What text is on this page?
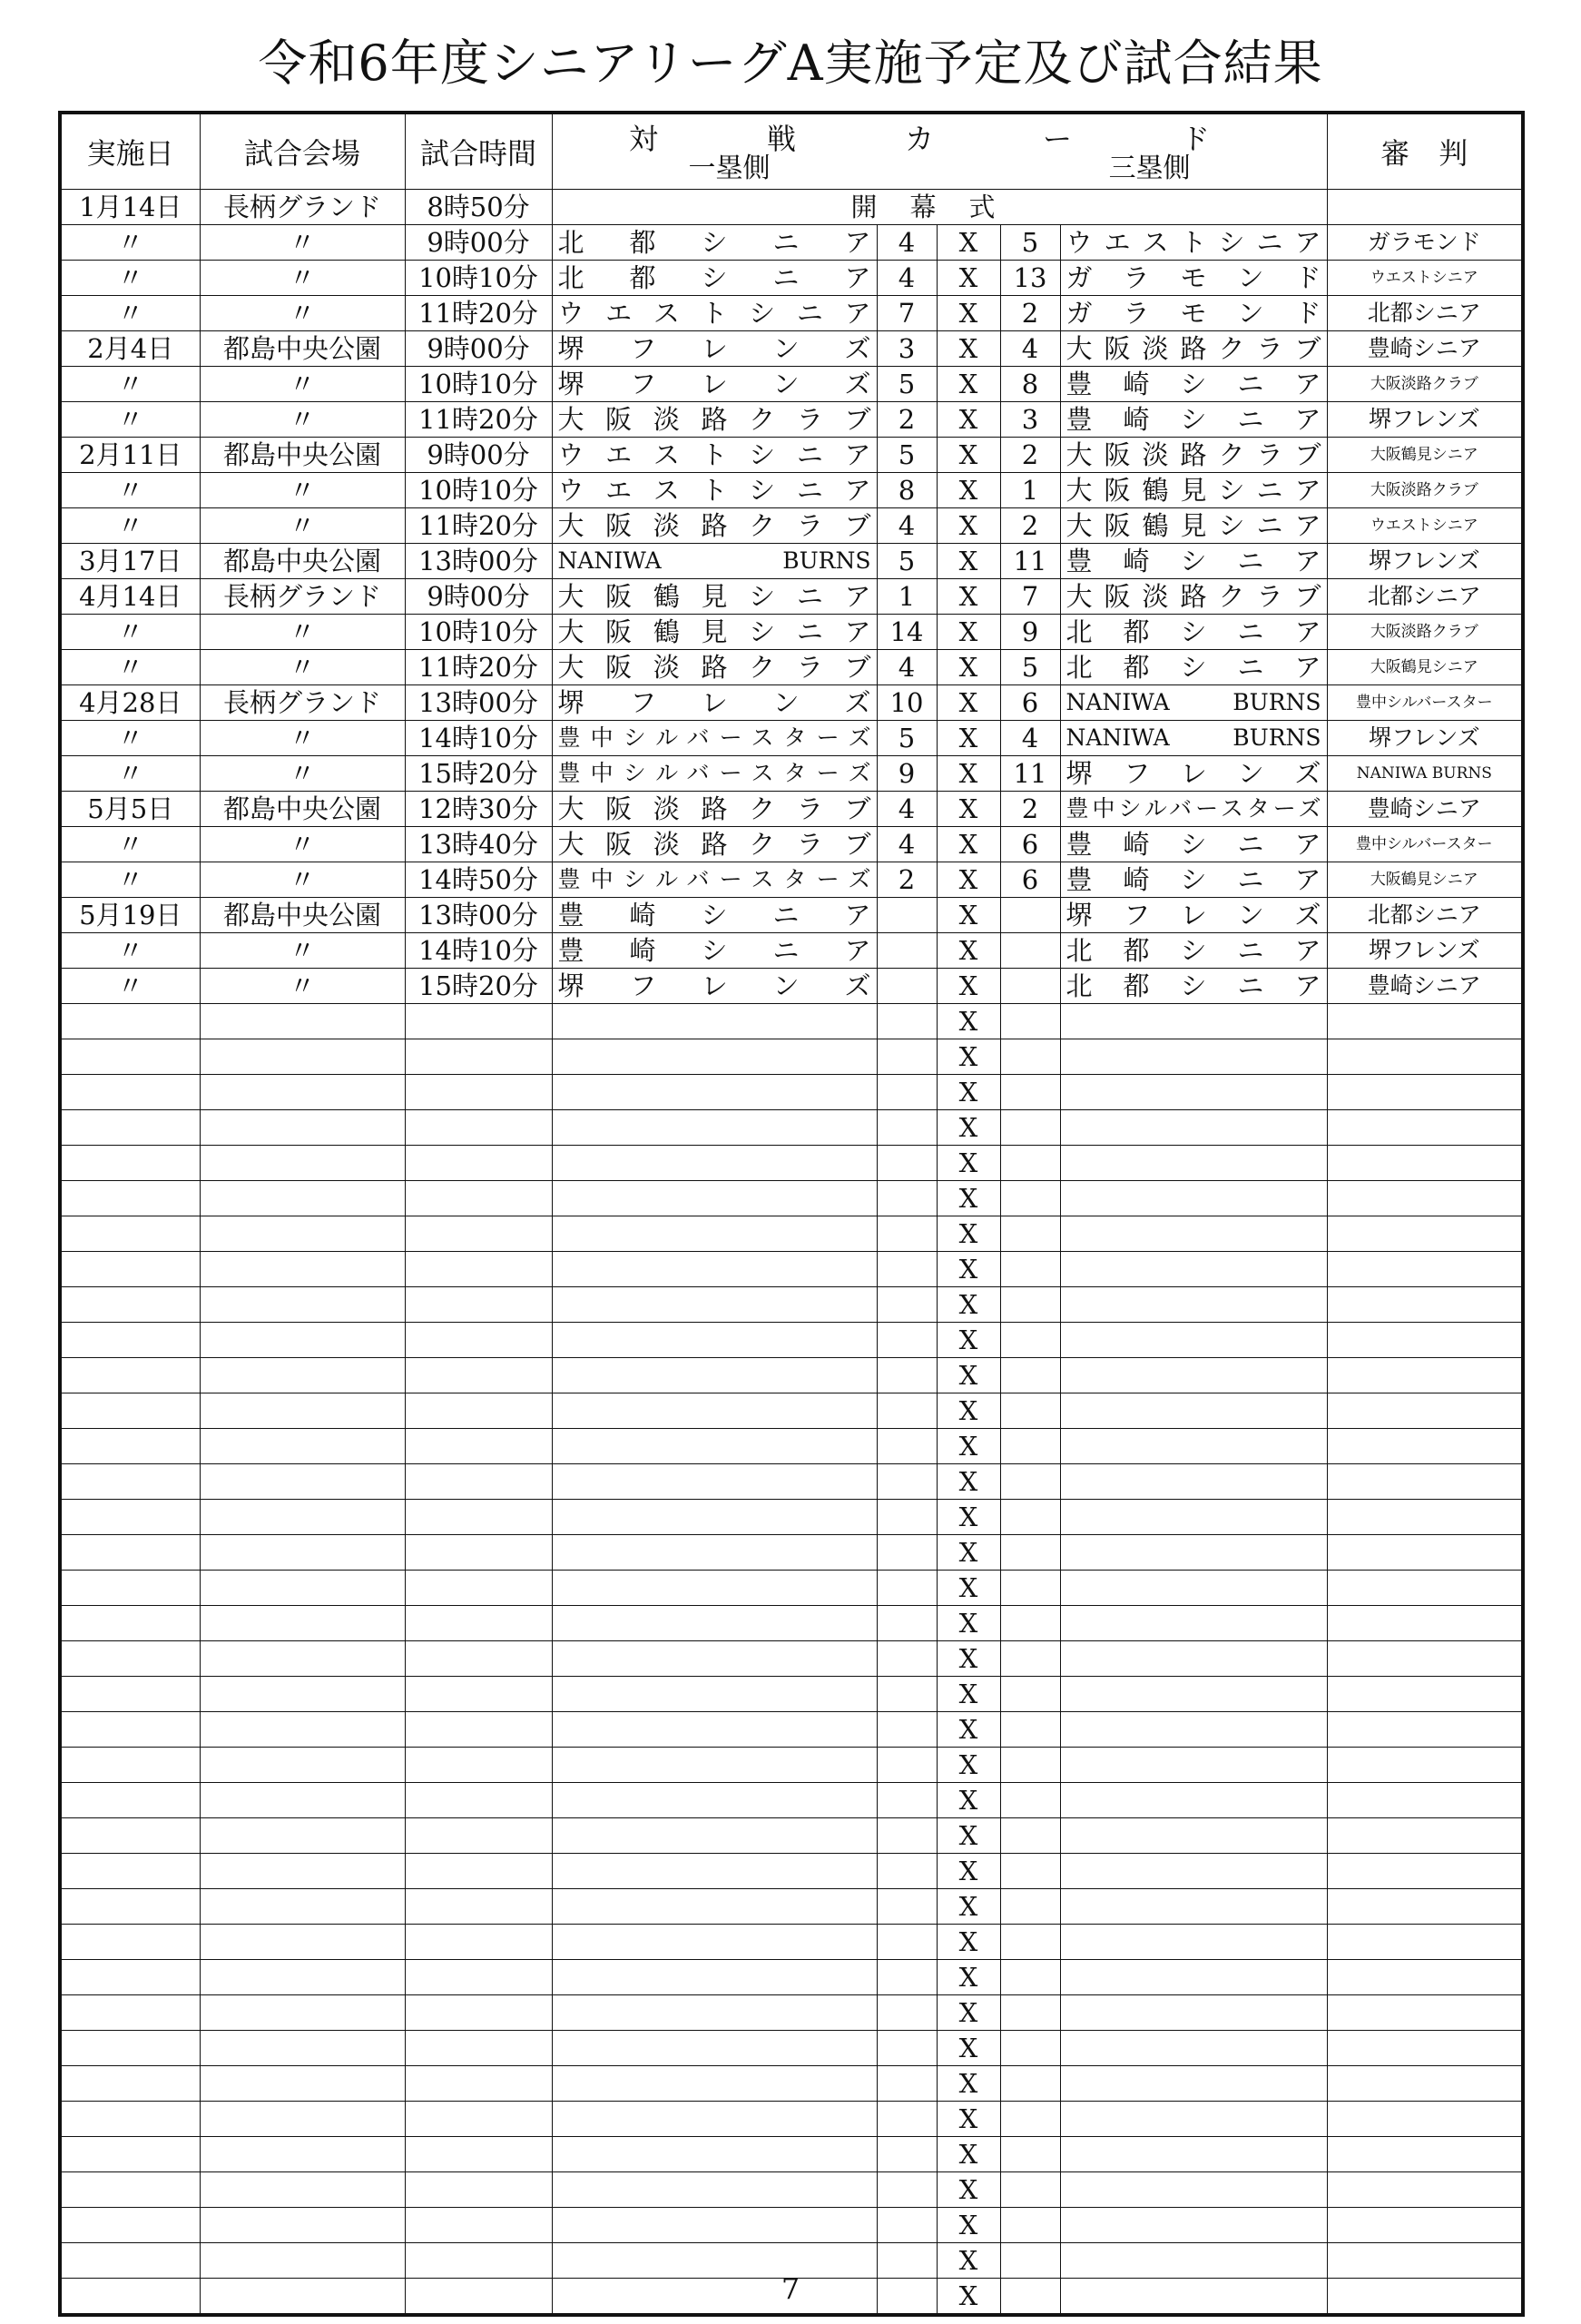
令和6年度シニアリーグA実施予定及び試合結果
実施日	試合会場	試合時間	対　戦　カ　ー　ド
一塁側 三塁側					審　判
1月14日	長柄グランド	8時50分	開幕式					
〃	〃	9時00分	北都シニア	4	X	5	ウエストシニア	ガラモンド
〃	〃	10時10分	北都シニア	4	X	13	ガラモンド	ウエストシニア
〃	〃	11時20分	ウエストシニア	7	X	2	ガラモンド	北都シニア
2月4日	都島中央公園	9時00分	堺フレンズ	3	X	4	大阪淡路クラブ	豊崎シニア
〃	〃	10時10分	堺フレンズ	5	X	8	豊崎シニア	大阪淡路クラブ
〃	〃	11時20分	大阪淡路クラブ	2	X	3	豊崎シニア	堺フレンズ
2月11日	都島中央公園	9時00分	ウエストシニア	5	X	2	大阪淡路クラブ	大阪鶴見シニア
〃	〃	10時10分	ウエストシニア	8	X	1	大阪鶴見シニア	大阪淡路クラブ
〃	〃	11時20分	大阪淡路クラブ	4	X	2	大阪鶴見シニア	ウエストシニア
3月17日	都島中央公園	13時00分	NANIWA BURNS	5	X	11	豊崎シニア	堺フレンズ
4月14日	長柄グランド	9時00分	大阪鶴見シニア	1	X	7	大阪淡路クラブ	北都シニア
〃	〃	10時10分	大阪鶴見シニア	14	X	9	北都シニア	大阪淡路クラブ
〃	〃	11時20分	大阪淡路クラブ	4	X	5	北都シニア	大阪鶴見シニア
4月28日	長柄グランド	13時00分	堺フレンズ	10	X	6	NANIWA BURNS	豊中シルバースター
〃	〃	14時10分	豊中シルバースターズ	5	X	4	NANIWA BURNS	堺フレンズ
〃	〃	15時20分	豊中シルバースターズ	9	X	11	堺フレンズ	NANIWA BURNS
5月5日	都島中央公園	12時30分	大阪淡路クラブ	4	X	2	豊中シルバースターズ	豊崎シニア
〃	〃	13時40分	大阪淡路クラブ	4	X	6	豊崎シニア	豊中シルバースター
〃	〃	14時50分	豊中シルバースターズ	2	X	6	豊崎シニア	大阪鶴見シニア
5月19日	都島中央公園	13時00分	豊崎シニア		X		堺フレンズ	北都シニア
〃	〃	14時10分	豊崎シニア		X		北都シニア	堺フレンズ
〃	〃	15時20分	堺フレンズ		X		北都シニア	豊崎シニア
					X			
					X			
					X			
					X			
					X			
					X			
					X			
					X			
					X			
					X			
					X			
					X			
					X			
					X			
					X			
					X			
					X			
					X			
					X			
					X			
					X			
					X			
					X			
					X			
					X			
					X			
					X			
					X			
					X			
					X			
					X			
					X			
					X			
					X			
					X			
					X			
					X			
7
